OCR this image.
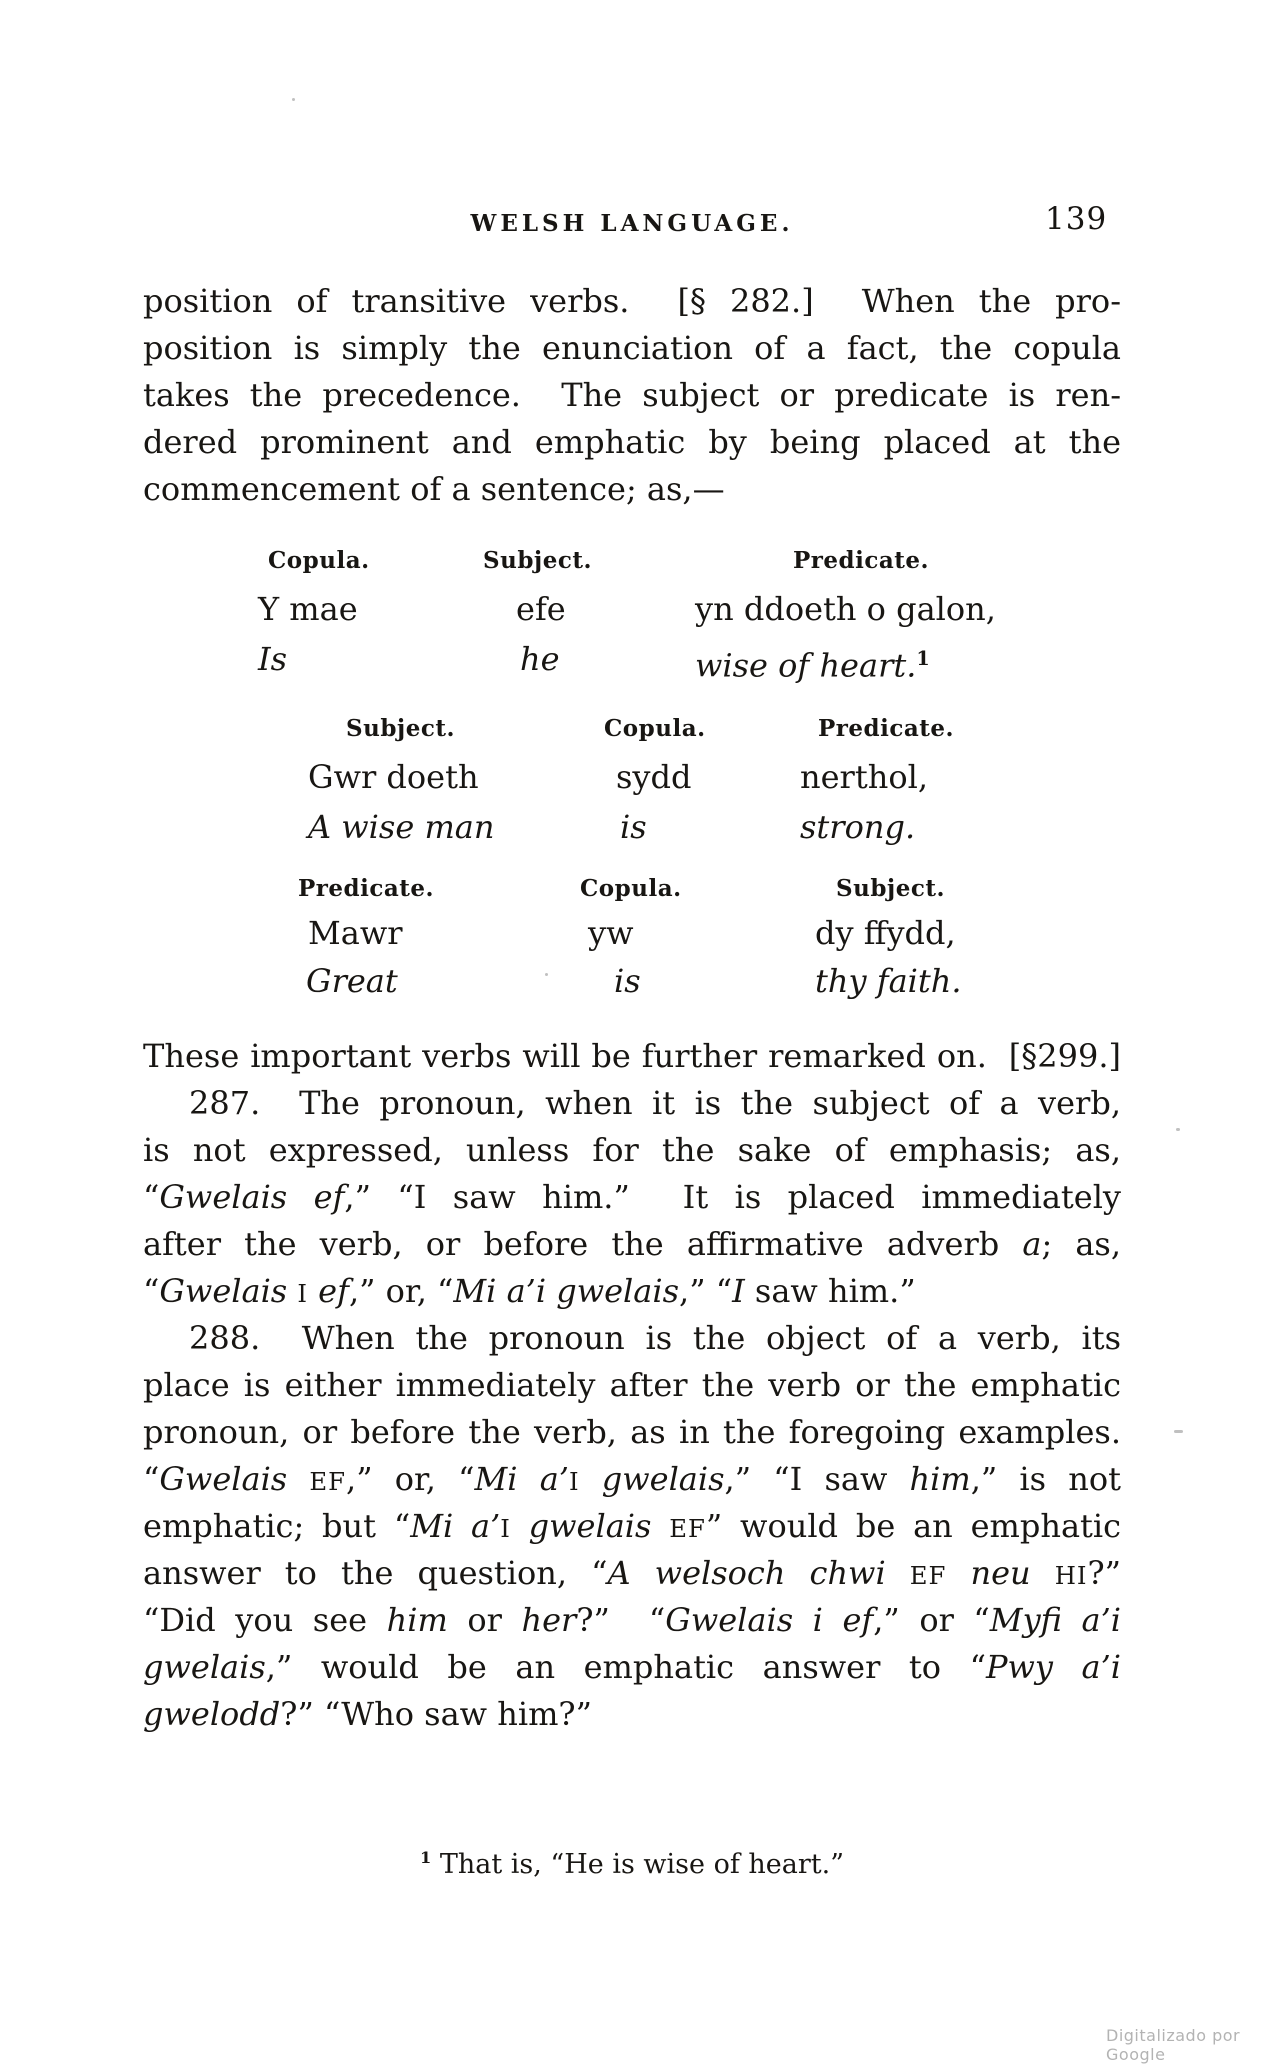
WELSH LANGUAGE.	139
position of transitive verbs.  [§ 282.]  When the pro-
position is simply the enunciation of a fact, the copula
takes the precedence.  The subject or predicate is ren-
dered prominent and emphatic by being placed at the
commencement of a sentence; as,—
Copula.	Subject.	Predicate.
Y mae	efe	yn ddoeth o galon,
Is	he	wise of heart.$^1$
Subject.	Copula.	Predicate.
Gwr doeth	sydd	nerthol,
A wise man	is	strong.
Predicate.	Copula.	Subject.
Mawr	yw	dy ffydd,
Great	is	thy faith.
These important verbs will be further remarked on.  [§299.]
287.  The pronoun, when it is the subject of a verb,
is not expressed, unless for the sake of emphasis; as,
“Gwelais ef,” “I saw him.”  It is placed immediately
after the verb, or before the affirmative adverb a; as,
“Gwelais I ef,” or, “Mi a’i gwelais,” “I saw him.”
288.  When the pronoun is the object of a verb, its
place is either immediately after the verb or the emphatic
pronoun, or before the verb, as in the foregoing examples.
“Gwelais EF,” or, “Mi a’I gwelais,” “I saw him,” is not
emphatic; but “Mi a’I gwelais EF” would be an emphatic
answer to the question, “A welsoch chwi EF neu HI?”
“Did you see him or her?”  “Gwelais i ef,” or “Myfi a’i
gwelais,” would be an emphatic answer to “Pwy a’i
gwelodd?” “Who saw him?”
$^1$ That is, “He is wise of heart.”
Digitalizado por Google
